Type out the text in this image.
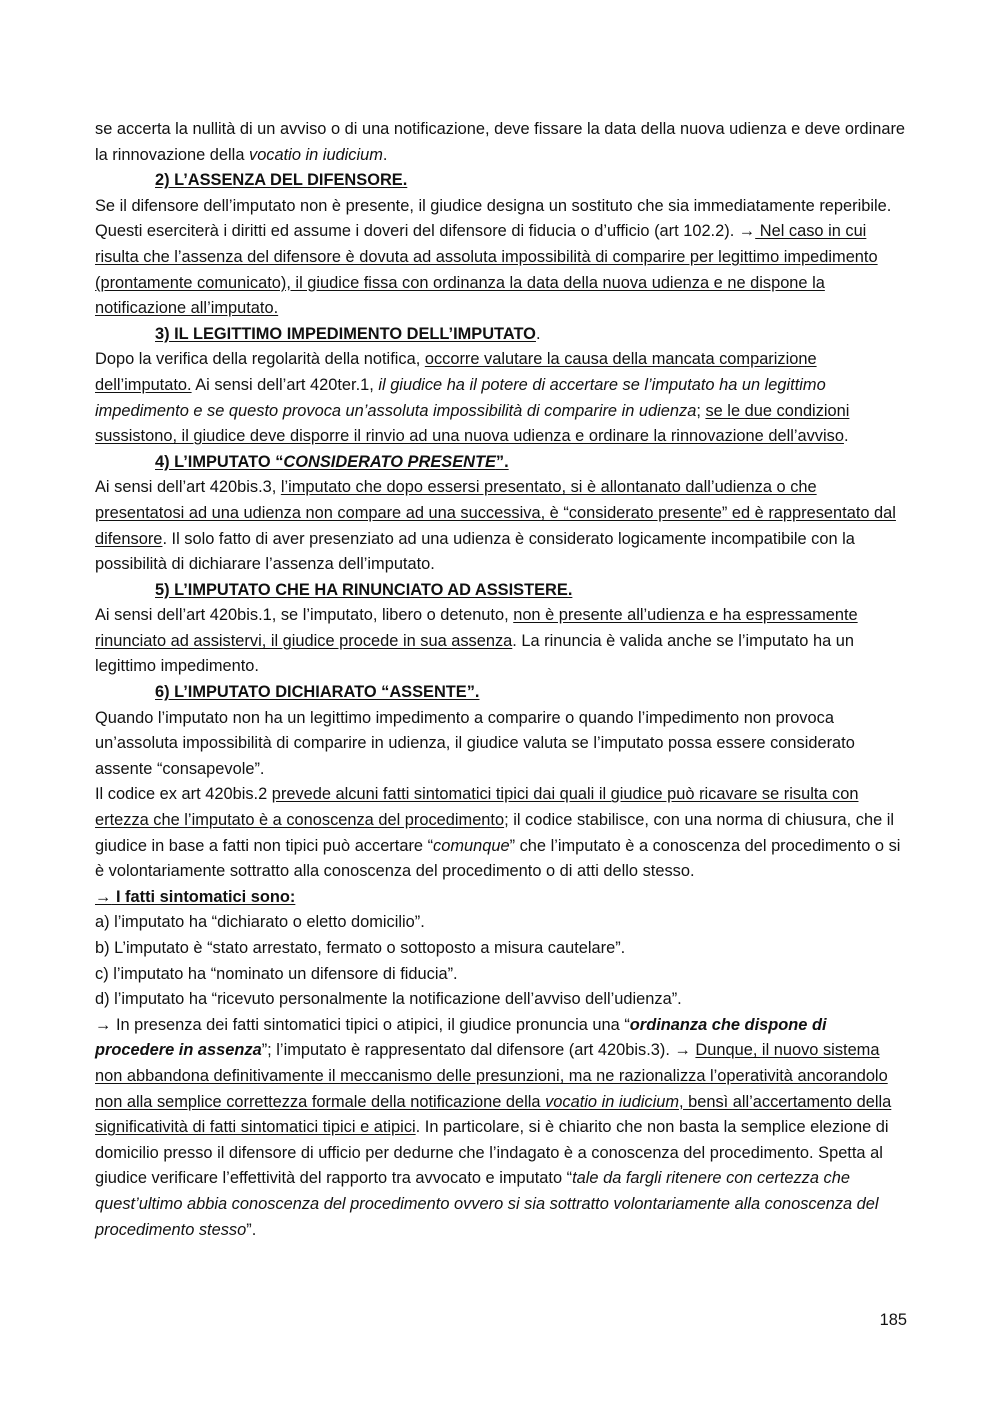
se accerta la nullità di un avviso o di una notificazione, deve fissare la data della nuova udienza e deve ordinare la rinnovazione della vocatio in iudicium.

2) L’ASSENZA DEL DIFENSORE.

Se il difensore dell’imputato non è presente, il giudice designa un sostituto che sia immediatamente reperibile. Questi eserciterà i diritti ed assume i doveri del difensore di fiducia o d’ufficio (art 102.2). → Nel caso in cui risulta che l’assenza del difensore è dovuta ad assoluta impossibilità di comparire per legittimo impedimento (prontamente comunicato), il giudice fissa con ordinanza la data della nuova udienza e ne dispone la notificazione all’imputato.

3) IL LEGITTIMO IMPEDIMENTO DELL’IMPUTATO.

Dopo la verifica della regolarità della notifica, occorre valutare la causa della mancata comparizione dell’imputato. Ai sensi dell’art 420ter.1, il giudice ha il potere di accertare se l’imputato ha un legittimo impedimento e se questo provoca un’assoluta impossibilità di comparire in udienza; se le due condizioni sussistono, il giudice deve disporre il rinvio ad una nuova udienza e ordinare la rinnovazione dell’avviso.

4) L’IMPUTATO “CONSIDERATO PRESENTE”.

Ai sensi dell’art 420bis.3, l’imputato che dopo essersi presentato, si è allontanato dall’udienza o che presentatosi ad una udienza non compare ad una successiva, è “considerato presente” ed è rappresentato dal difensore. Il solo fatto di aver presenziato ad una udienza è considerato logicamente incompatibile con la possibilità di dichiarare l’assenza dell’imputato.

5) L’IMPUTATO CHE HA RINUNCIATO AD ASSISTERE.

Ai sensi dell’art 420bis.1, se l’imputato, libero o detenuto, non è presente all’udienza e ha espressamente rinunciato ad assistervi, il giudice procede in sua assenza. La rinuncia è valida anche se l’imputato ha un legittimo impedimento.

6) L’IMPUTATO DICHIARATO “ASSENTE”.

Quando l’imputato non ha un legittimo impedimento a comparire o quando l’impedimento non provoca un’assoluta impossibilità di comparire in udienza, il giudice valuta se l’imputato possa essere considerato assente “consapevole”.

Il codice ex art 420bis.2 prevede alcuni fatti sintomatici tipici dai quali il giudice può ricavare se risulta con ertezza che l’imputato è a conoscenza del procedimento; il codice stabilisce, con una norma di chiusura, che il giudice in base a fatti non tipici può accertare “comunque” che l’imputato è a conoscenza del procedimento o si è volontariamente sottratto alla conoscenza del procedimento o di atti dello stesso.

→ I fatti sintomatici sono:

a) l’imputato ha “dichiarato o eletto domicilio”.

b) L’imputato è “stato arrestato, fermato o sottoposto a misura cautelare”.

c) l’imputato ha “nominato un difensore di fiducia”.

d) l’imputato ha “ricevuto personalmente la notificazione dell’avviso dell’udienza”.

→ In presenza dei fatti sintomatici tipici o atipici, il giudice pronuncia una “ordinanza che dispone di procedere in assenza”; l’imputato è rappresentato dal difensore (art 420bis.3). → Dunque, il nuovo sistema non abbandona definitivamente il meccanismo delle presunzioni, ma ne razionalizza l’operatività ancorandolo non alla semplice correttezza formale della notificazione della vocatio in iudicium, bensì all’accertamento della significatività di fatti sintomatici tipici e atipici. In particolare, si è chiarito che non basta la semplice elezione di domicilio presso il difensore di ufficio per dedurne che l’indagato è a conoscenza del procedimento. Spetta al giudice verificare l’effettività del rapporto tra avvocato e imputato “tale da fargli ritenere con certezza che quest’ultimo abbia conoscenza del procedimento ovvero si sia sottratto volontariamente alla conoscenza del procedimento stesso”.

185
